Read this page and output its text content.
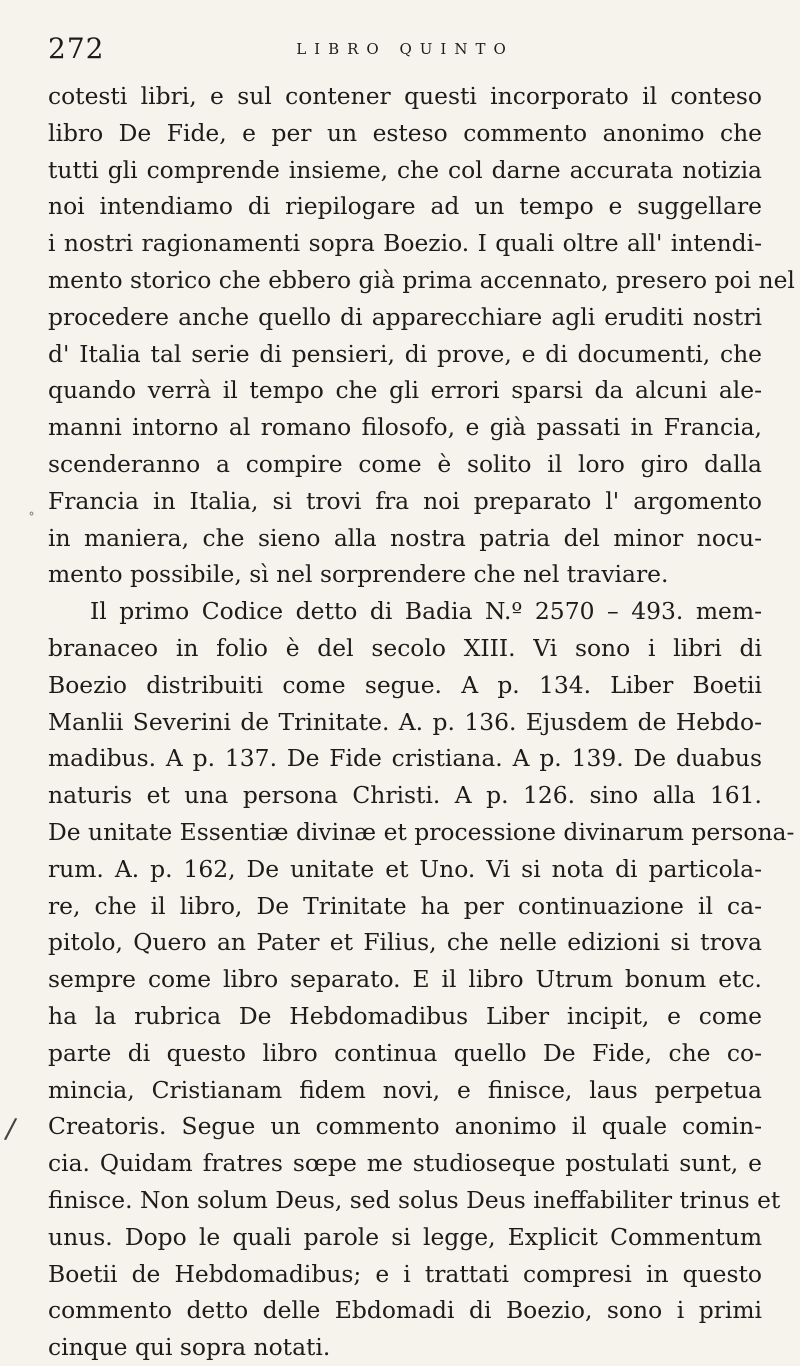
272	LIBRO QUINTO
cotesti libri, e sul contener questi incorporato il conteso
libro De Fide, e per un esteso commento anonimo che
tutti gli comprende insieme, che col darne accurata notizia
noi intendiamo di riepilogare ad un tempo e suggellare
i nostri ragionamenti sopra Boezio. I quali oltre all' intendi-
mento storico che ebbero già prima accennato, presero poi nel
procedere anche quello di apparecchiare agli eruditi nostri
d' Italia tal serie di pensieri, di prove, e di documenti, che
quando verrà il tempo che gli errori sparsi da alcuni ale-
manni intorno al romano filosofo, e già passati in Francia,
scenderanno a compire come è solito il loro giro dalla
Francia in Italia, si trovi fra noi preparato l' argomento
in maniera, che sieno alla nostra patria del minor nocu-
mento possibile, sì nel sorprendere che nel traviare.
Il primo Codice detto di Badia N.º 2570 – 493. mem-
branaceo in folio è del secolo XIII. Vi sono i libri di
Boezio distribuiti come segue. A p. 134. Liber Boetii
Manlii Severini de Trinitate. A. p. 136. Ejusdem de Hebdo-
madibus. A p. 137. De Fide cristiana. A p. 139. De duabus
naturis et una persona Christi. A p. 126. sino alla 161.
De unitate Essentiæ divinæ et processione divinarum persona-
rum. A. p. 162, De unitate et Uno. Vi si nota di particola-
re, che il libro, De Trinitate ha per continuazione il ca-
pitolo, Quero an Pater et Filius, che nelle edizioni si trova
sempre come libro separato. E il libro Utrum bonum etc.
ha la rubrica De Hebdomadibus Liber incipit, e come
parte di questo libro continua quello De Fide, che co-
mincia, Cristianam fidem novi, e finisce, laus perpetua
Creatoris. Segue un commento anonimo il quale comin-
cia. Quidam fratres sœpe me studioseque postulati sunt, e
finisce. Non solum Deus, sed solus Deus ineffabiliter trinus et
unus. Dopo le quali parole si legge, Explicit Commentum
Boetii de Hebdomadibus; e i trattati compresi in questo
commento detto delle Ebdomadi di Boezio, sono i primi
cinque qui sopra notati.
˚
/
